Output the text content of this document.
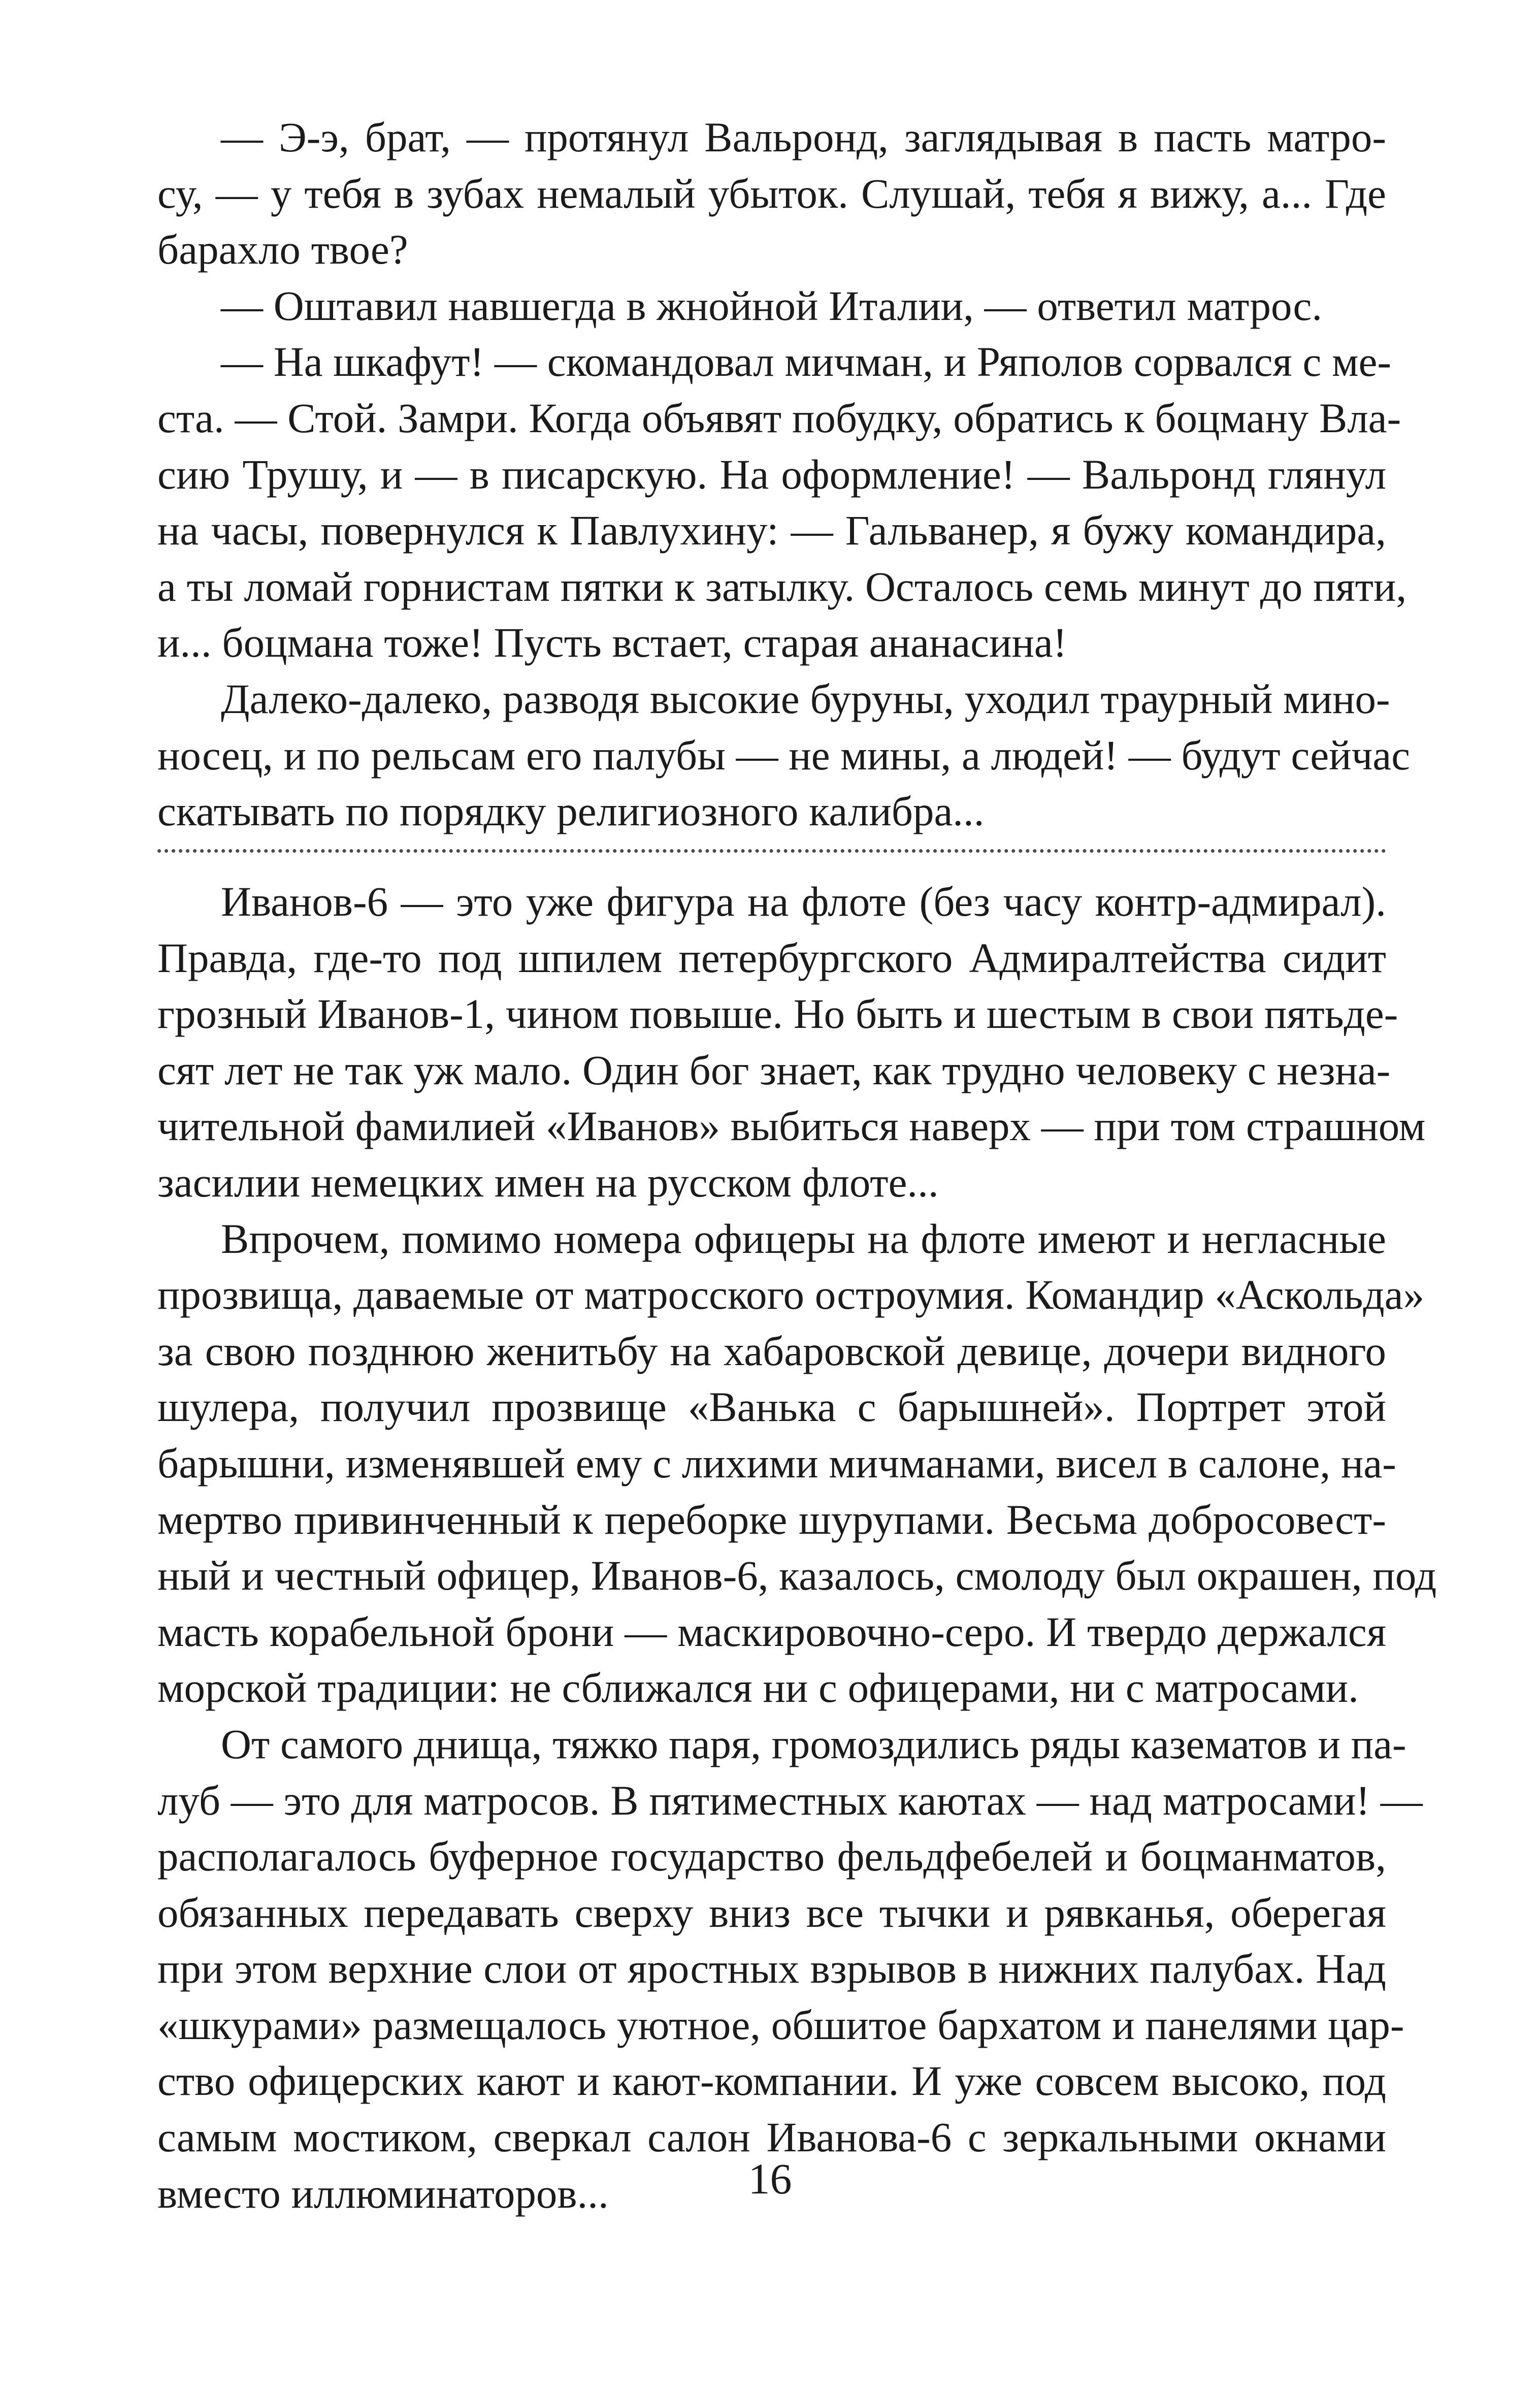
— Э-э, брат, — протянул Вальронд, заглядывая в пасть матро-
су, — у тебя в зубах немалый убыток. Слушай, тебя я вижу, а... Где
барахло твое?

— Оштавил навшегда в жнойной Италии, — ответил матрос.

— На шкафут! — скомандовал мичман, и Ряполов сорвался с ме-
ста. — Стой. Замри. Когда объявят побудку, обратись к боцману Вла-
сию Трушу, и — в писарскую. На оформление! — Вальронд глянул
на часы, повернулся к Павлухину: — Гальванер, я бужу командира,
а ты ломай горнистам пятки к затылку. Осталось семь минут до пяти,
и... боцмана тоже! Пусть встает, старая ананасина!

Далеко-далеко, разводя высокие буруны, уходил траурный мино-
носец, и по рельсам его палубы — не мины, а людей! — будут сейчас
скатывать по порядку религиозного калибра...

Иванов-6 — это уже фигура на флоте (без часу контр-адмирал).
Правда, где-то под шпилем петербургского Адмиралтейства сидит
грозный Иванов-1, чином повыше. Но быть и шестым в свои пятьде-
сят лет не так уж мало. Один бог знает, как трудно человеку с незна-
чительной фамилией «Иванов» выбиться наверх — при том страшном
засилии немецких имен на русском флоте...

Впрочем, помимо номера офицеры на флоте имеют и негласные
прозвища, даваемые от матросского остроумия. Командир «Аскольда»
за свою позднюю женитьбу на хабаровской девице, дочери видного
шулера, получил прозвище «Ванька с барышней». Портрет этой
барышни, изменявшей ему с лихими мичманами, висел в салоне, на-
мертво привинченный к переборке шурупами. Весьма добросовест-
ный и честный офицер, Иванов-6, казалось, смолоду был окрашен, под
масть корабельной брони — маскировочно-серо. И твердо держался
морской традиции: не сближался ни с офицерами, ни с матросами.

От самого днища, тяжко паря, громоздились ряды казематов и па-
луб — это для матросов. В пятиместных каютах — над матросами! —
располагалось буферное государство фельдфебелей и боцманматов,
обязанных передавать сверху вниз все тычки и рявканья, оберегая
при этом верхние слои от яростных взрывов в нижних палубах. Над
«шкурами» размещалось уютное, обшитое бархатом и панелями цар-
ство офицерских кают и кают-компании. И уже совсем высоко, под
самым мостиком, сверкал салон Иванова-6 с зеркальными окнами
вместо иллюминаторов...	16
